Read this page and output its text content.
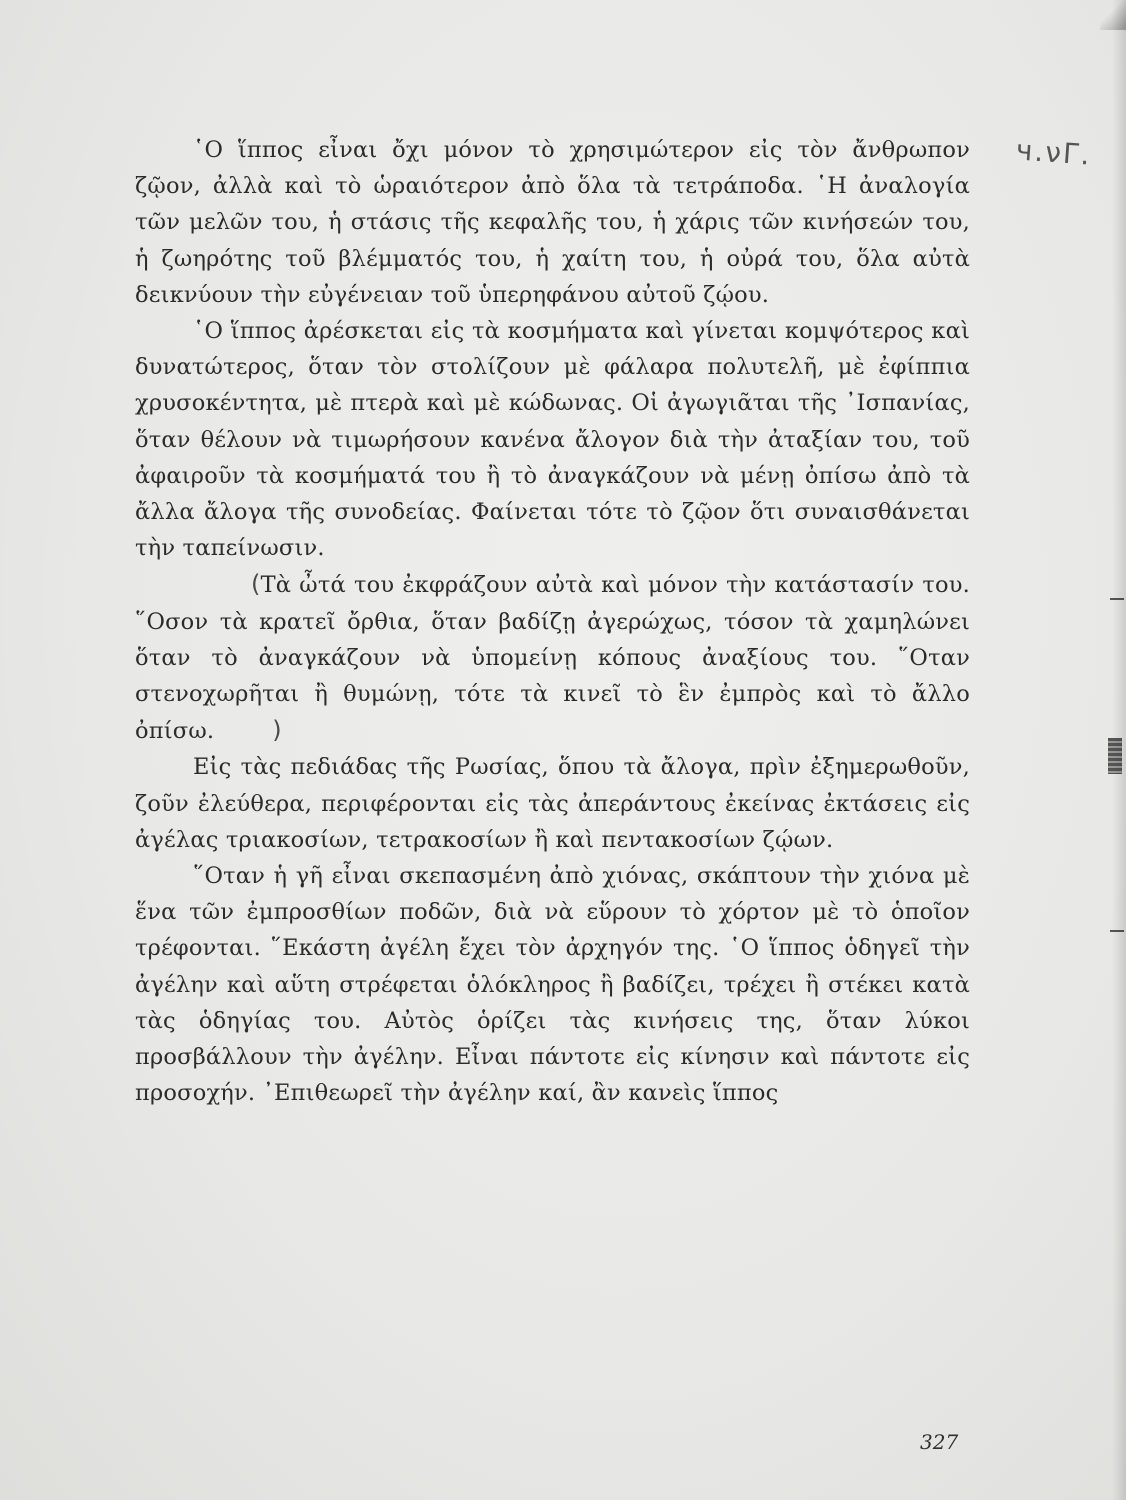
ч.νΓ.

῾Ο ἵππος εἶναι ὄχι μόνον τὸ χρησιμώτερον εἰς τὸν ἄνθρωπον ζῷον, ἀλλὰ καὶ τὸ ὡραιότερον ἀπὸ ὅλα τὰ τετράποδα. ῾Η ἀναλογία τῶν μελῶν του, ἡ στάσις τῆς κεφαλῆς του, ἡ χάρις τῶν κινήσεών του, ἡ ζωηρότης τοῦ βλέμματός του, ἡ χαίτη του, ἡ οὐρά του, ὅλα αὐτὰ δεικνύουν τὴν εὐγένειαν τοῦ ὑπερηφάνου αὐτοῦ ζῴου.

῾Ο ἵππος ἀρέσκεται εἰς τὰ κοσμήματα καὶ γίνεται κομψότερος καὶ δυνατώτερος, ὅταν τὸν στολίζουν μὲ φάλαρα πολυτελῆ, μὲ ἐφίππια χρυσοκέντητα, μὲ πτερὰ καὶ μὲ κώδωνας. Οἱ ἀγωγιᾶται τῆς ᾿Ισπανίας, ὅταν θέλουν νὰ τιμωρήσουν κανένα ἄλογον διὰ τὴν ἀταξίαν του, τοῦ ἀφαιροῦν τὰ κοσμήματά του ἢ τὸ ἀναγκάζουν νὰ μένῃ ὀπίσω ἀπὸ τὰ ἄλλα ἄλογα τῆς συνοδείας. Φαίνεται τότε τὸ ζῷον ὅτι συναισθάνεται τὴν ταπείνωσιν.

(Τὰ ὦτά του ἐκφράζουν αὐτὰ καὶ μόνον τὴν κατάστασίν του. ῞Οσον τὰ κρατεῖ ὄρθια, ὅταν βαδίζῃ ἀγερώχως, τόσον τὰ χαμηλώνει ὅταν τὸ ἀναγκάζουν νὰ ὑπομείνῃ κόπους ἀναξίους του. ῞Οταν στενοχωρῆται ἢ θυμώνῃ, τότε τὰ κινεῖ τὸ ἓν ἐμπρὸς καὶ τὸ ἄλλο ὀπίσω. )

Εἰς τὰς πεδιάδας τῆς Ρωσίας, ὅπου τὰ ἄλογα, πρὶν ἐξημερωθοῦν, ζοῦν ἐλεύθερα, περιφέρονται εἰς τὰς ἀπεράντους ἐκείνας ἐκτάσεις εἰς ἀγέλας τριακοσίων, τετρακοσίων ἢ καὶ πεντακοσίων ζῴων.

῞Οταν ἡ γῆ εἶναι σκεπασμένη ἀπὸ χιόνας, σκάπτουν τὴν χιόνα μὲ ἕνα τῶν ἐμπροσθίων ποδῶν, διὰ νὰ εὕρουν τὸ χόρτον μὲ τὸ ὁποῖον τρέφονται. ῞Εκάστη ἀγέλη ἔχει τὸν ἀρχηγόν της. ῾Ο ἵππος ὁδηγεῖ τὴν ἀγέλην καὶ αὕτη στρέφεται ὁλόκληρος ἢ βαδίζει, τρέχει ἢ στέκει κατὰ τὰς ὁδηγίας του. Αὐτὸς ὁρίζει τὰς κινήσεις της, ὅταν λύκοι προσβάλλουν τὴν ἀγέλην. Εἶναι πάντοτε εἰς κίνησιν καὶ πάντοτε εἰς προσοχήν. ᾿Επιθεωρεῖ τὴν ἀγέλην καί, ἂν κανεὶς ἵππος

327
